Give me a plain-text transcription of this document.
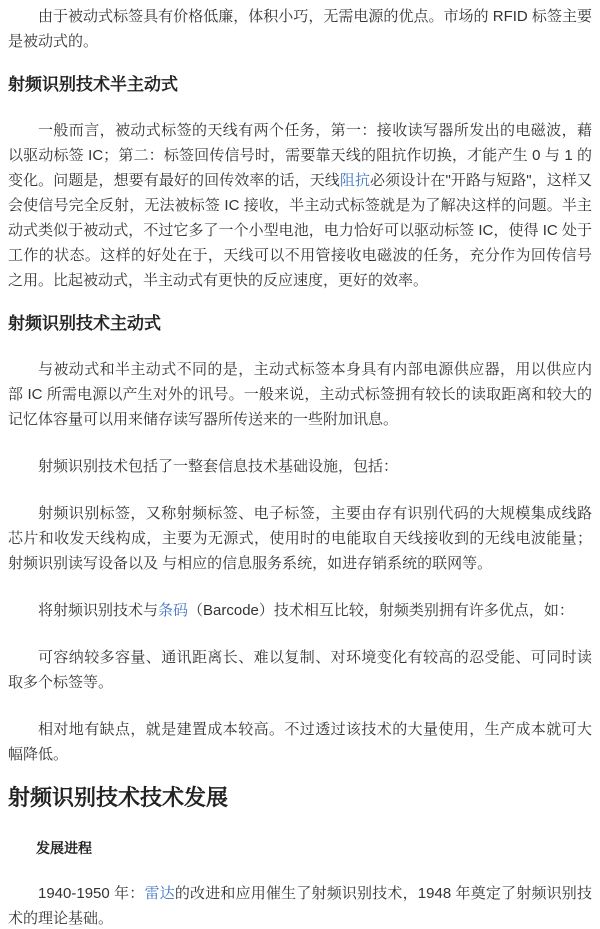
由于被动式标签具有价格低廉，体积小巧，无需电源的优点。市场的 RFID 标签主要是被动式的。

射频识别技术半主动式

一般而言，被动式标签的天线有两个任务，第一：接收读写器所发出的电磁波，藉以驱动标签 IC；第二：标签回传信号时，需要靠天线的阻抗作切换，才能产生 0 与 1 的变化。问题是，想要有最好的回传效率的话，天线阻抗必须设计在"开路与短路"，这样又会使信号完全反射，无法被标签 IC 接收，半主动式标签就是为了解决这样的问题。半主动式类似于被动式，不过它多了一个小型电池，电力恰好可以驱动标签 IC，使得 IC 处于工作的状态。这样的好处在于，天线可以不用管接收电磁波的任务，充分作为回传信号之用。比起被动式，半主动式有更快的反应速度，更好的效率。

射频识别技术主动式

与被动式和半主动式不同的是，主动式标签本身具有内部电源供应器，用以供应内部 IC 所需电源以产生对外的讯号。一般来说，主动式标签拥有较长的读取距离和较大的记忆体容量可以用来储存读写器所传送来的一些附加讯息。

射频识别技术包括了一整套信息技术基础设施，包括：

射频识别标签，又称射频标签、电子标签，主要由存有识别代码的大规模集成线路芯片和收发天线构成，主要为无源式，使用时的电能取自天线接收到的无线电波能量；射频识别读写设备以及 与相应的信息服务系统，如进存销系统的联网等。

将射频识别技术与条码（Barcode）技术相互比较，射频类别拥有许多优点，如：

可容纳较多容量、通讯距离长、难以复制、对环境变化有较高的忍受能、可同时读取多个标签等。

相对地有缺点，就是建置成本较高。不过透过该技术的大量使用，生产成本就可大幅降低。

射频识别技术技术发展
发展进程

1940-1950 年：雷达的改进和应用催生了射频识别技术，1948 年奠定了射频识别技术的理论基础。
